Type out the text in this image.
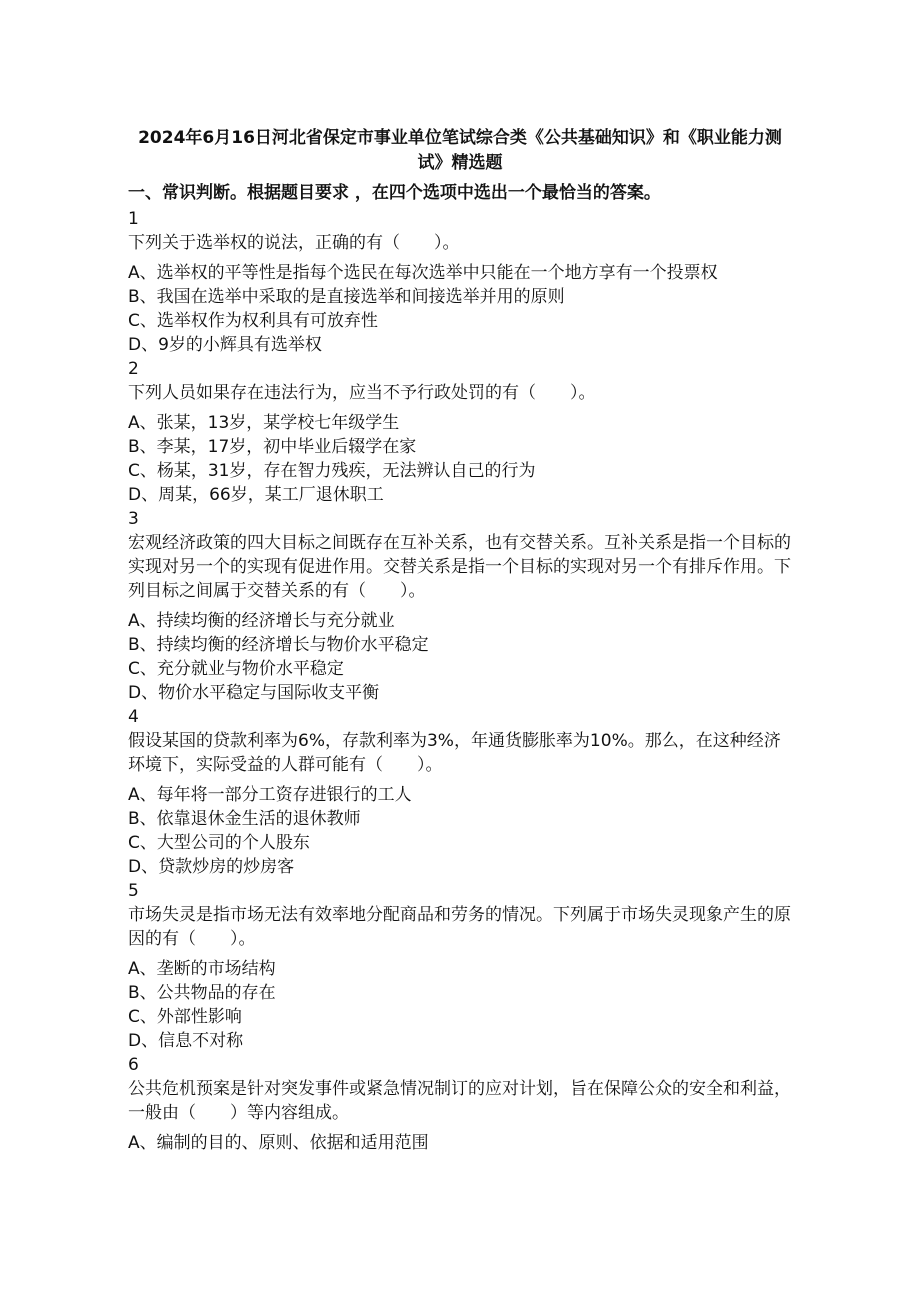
2024年6月16日河北省保定市事业单位笔试综合类《公共基础知识》和《职业能力测试》精选题
一、常识判断。根据题目要求 ，在四个选项中选出一个最恰当的答案。
1
下列关于选举权的说法，正确的有（　　）。
A、选举权的平等性是指每个选民在每次选举中只能在一个地方享有一个投票权
B、我国在选举中采取的是直接选举和间接选举并用的原则
C、选举权作为权利具有可放弃性
D、9岁的小辉具有选举权
2
下列人员如果存在违法行为，应当不予行政处罚的有（　　）。
A、张某，13岁，某学校七年级学生
B、李某，17岁，初中毕业后辍学在家
C、杨某，31岁，存在智力残疾，无法辨认自己的行为
D、周某，66岁，某工厂退休职工
3
宏观经济政策的四大目标之间既存在互补关系，也有交替关系。互补关系是指一个目标的实现对另一个的实现有促进作用。交替关系是指一个目标的实现对另一个有排斥作用。下列目标之间属于交替关系的有（　　）。
A、持续均衡的经济增长与充分就业
B、持续均衡的经济增长与物价水平稳定
C、充分就业与物价水平稳定
D、物价水平稳定与国际收支平衡
4
假设某国的贷款利率为6%，存款利率为3%，年通货膨胀率为10%。那么，在这种经济环境下，实际受益的人群可能有（　　）。
A、每年将一部分工资存进银行的工人
B、依靠退休金生活的退休教师
C、大型公司的个人股东
D、贷款炒房的炒房客
5
市场失灵是指市场无法有效率地分配商品和劳务的情况。下列属于市场失灵现象产生的原因的有（　　）。
A、垄断的市场结构
B、公共物品的存在
C、外部性影响
D、信息不对称
6
公共危机预案是针对突发事件或紧急情况制订的应对计划，旨在保障公众的安全和利益，一般由（　　）等内容组成。
A、编制的目的、原则、依据和适用范围
